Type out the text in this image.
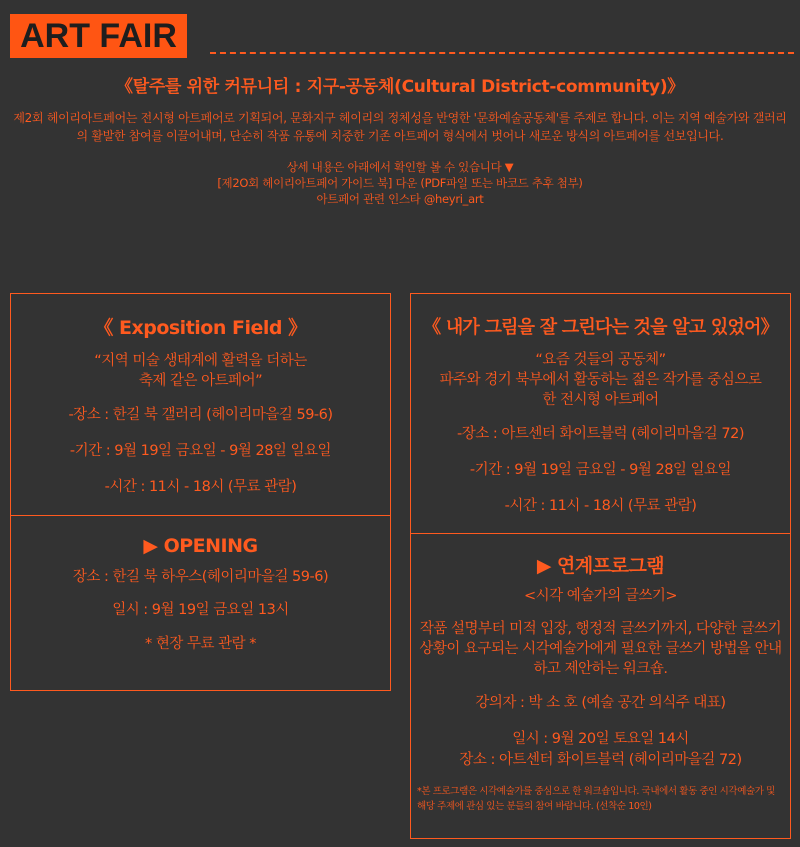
ART FAIR
《탈주를 위한 커뮤니티 : 지구-공동체(Cultural District-community)》

제2회 헤이리아트페어는 전시형 아트페어로 기획되어, 문화지구 헤이리의 정체성을 반영한 '문화예술공동체'를 주제로 합니다. 이는 지역 예술가와 갤러리의 활발한 참여를 이끌어내며, 단순히 작품 유통에 치중한 기존 아트페어 형식에서 벗어나 새로운 방식의 아트페어를 선보입니다.

상세 내용은 아래에서 확인할 볼 수 있습니다 ▼
[제2O회 헤이리아트페어 가이드 북] 다운 (PDF파일 또는 바코드 추후 첨부)
아트페어 관련 인스타 @heyri_art
《 Exposition Field 》
“지역 미술 생태계에 활력을 더하는
축제 같은 아트페어”
-장소 : 한길 북 갤러리 (헤이리마을길 59-6)
-기간 : 9월 19일 금요일 - 9월 28일 일요일
-시간 : 11시 - 18시 (무료 관람)
▶ OPENING
장소 : 한길 북 하우스(헤이리마을길 59-6)
일시 : 9월 19일 금요일 13시
* 현장 무료 관람 *
《 내가 그림을 잘 그린다는 것을 알고 있었어》
“요즘 것들의 공동체”
파주와 경기 북부에서 활동하는 젊은 작가를 중심으로
한 전시형 아트페어
-장소 : 아트센터 화이트블럭 (헤이리마을길 72)
-기간 : 9월 19일 금요일 - 9월 28일 일요일
-시간 : 11시 - 18시 (무료 관람)
▶ 연계프로그램
<시각 예술가의 글쓰기>
작품 설명부터 미적 입장, 행정적 글쓰기까지, 다양한 글쓰기 상황이 요구되는 시각예술가에게 필요한 글쓰기 방법을 안내하고 제안하는 워크숍.
강의자 : 박 소 호 (예술 공간 의식주 대표)
일시 : 9월 20일 토요일 14시
장소 : 아트센터 화이트블럭 (헤이리마을길 72)
*본 프로그램은 시각예술가를 중심으로 한 워크숍입니다. 국내에서 활동 중인 시각예술가 및 해당 주제에 관심 있는 분들의 참여 바랍니다. (선착순 10인)
